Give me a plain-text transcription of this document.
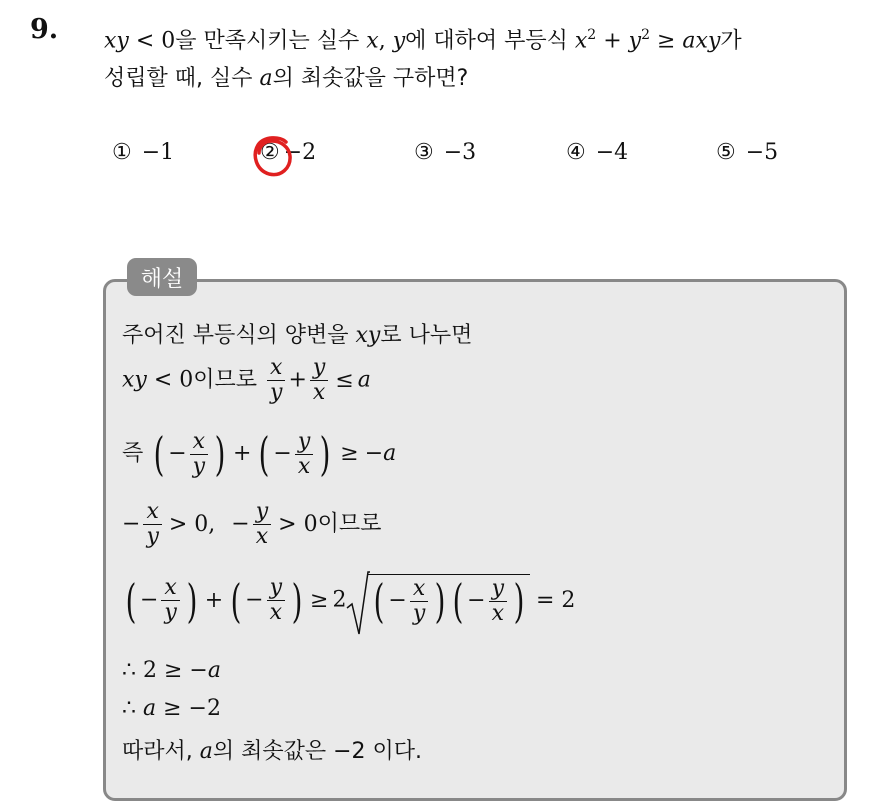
9. xy < 0을 만족시키는 실수 x, y에 대하여 부등식 $x^2 + y^2$ ≥ axy가
성립할 때, 실수 a의 최솟값을 구하면?
① −1	② −2	③ −3	④ −4	⑤ −5
해설
주어진 부등식의 양변을 xy로 나누면
xy < 0이므로 $\frac{x}{y} + \frac{y}{x} \le a$
즉 ( − $\frac{x}{y}$ ) + ( − $\frac{y}{x}$ ) ≥ −a
− $\frac{x}{y} > 0$, − $\frac{y}{x} > 0$이므로
( − $\frac{x}{y}$ ) + ( − $\frac{y}{x}$ ) ≥ 2 ( − $\frac{x}{y}$ ) ( − $\frac{y}{x}$ ) = 2
∴ 2 ≥ −a
∴ a ≥ −2
따라서, a의 최솟값은 −2 이다.
